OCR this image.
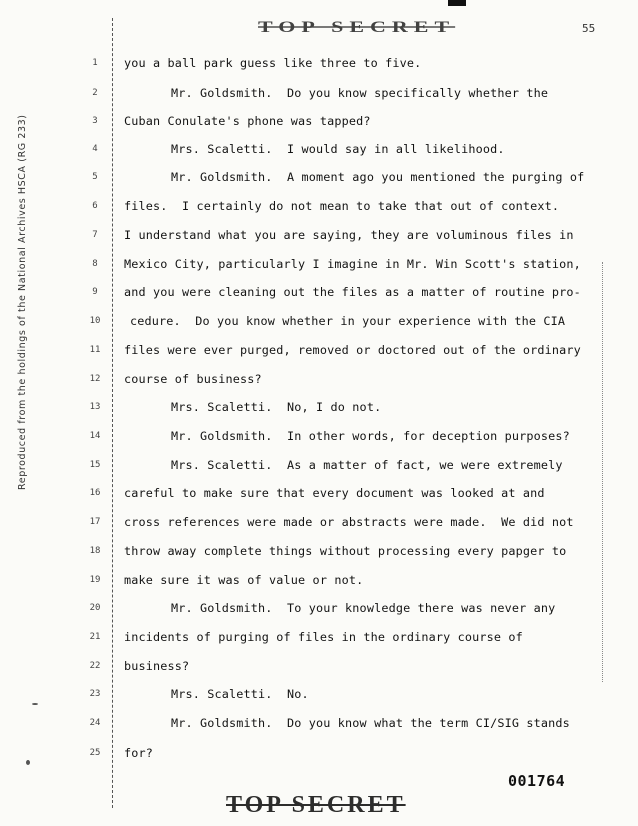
TOP SECRET	55
Reproduced from the holdings of the National Archives HSCA (RG 233)
1	you a ball park guess like three to five.
2	Mr. Goldsmith.  Do you know specifically whether the
3	Cuban Conulate's phone was tapped?
4	Mrs. Scaletti.  I would say in all likelihood.
5	Mr. Goldsmith.  A moment ago you mentioned the purging of
6	files.  I certainly do not mean to take that out of context.
7	I understand what you are saying, they are voluminous files in
8	Mexico City, particularly I imagine in Mr. Win Scott's station,
9	and you were cleaning out the files as a matter of routine pro-
10	cedure.  Do you know whether in your experience with the CIA
11	files were ever purged, removed or doctored out of the ordinary
12	course of business?
13	Mrs. Scaletti.  No, I do not.
14	Mr. Goldsmith.  In other words, for deception purposes?
15	Mrs. Scaletti.  As a matter of fact, we were extremely
16	careful to make sure that every document was looked at and
17	cross references were made or abstracts were made.  We did not
18	throw away complete things without processing every papger to
19	make sure it was of value or not.
20	Mr. Goldsmith.  To your knowledge there was never any
21	incidents of purging of files in the ordinary course of
22	business?
23	Mrs. Scaletti.  No.
24	Mr. Goldsmith.  Do you know what the term CI/SIG stands
25	for?
001764
TOP SECRET
